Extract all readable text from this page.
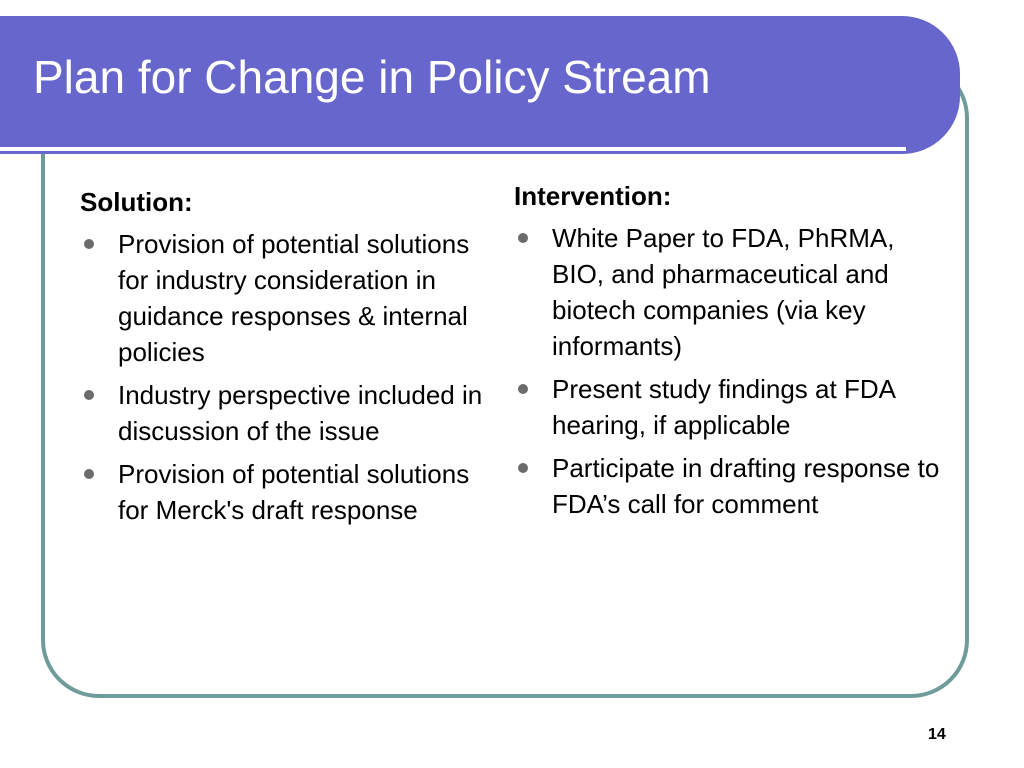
Plan for Change in Policy Stream
Solution:
Provision of potential solutions for industry consideration in guidance responses & internal policies
Industry perspective included in discussion of the issue
Provision of potential solutions for Merck's draft response
Intervention:
White Paper to FDA, PhRMA, BIO, and pharmaceutical and biotech companies (via key informants)
Present study findings at FDA hearing, if applicable
Participate in drafting response to FDA’s call for comment
14
